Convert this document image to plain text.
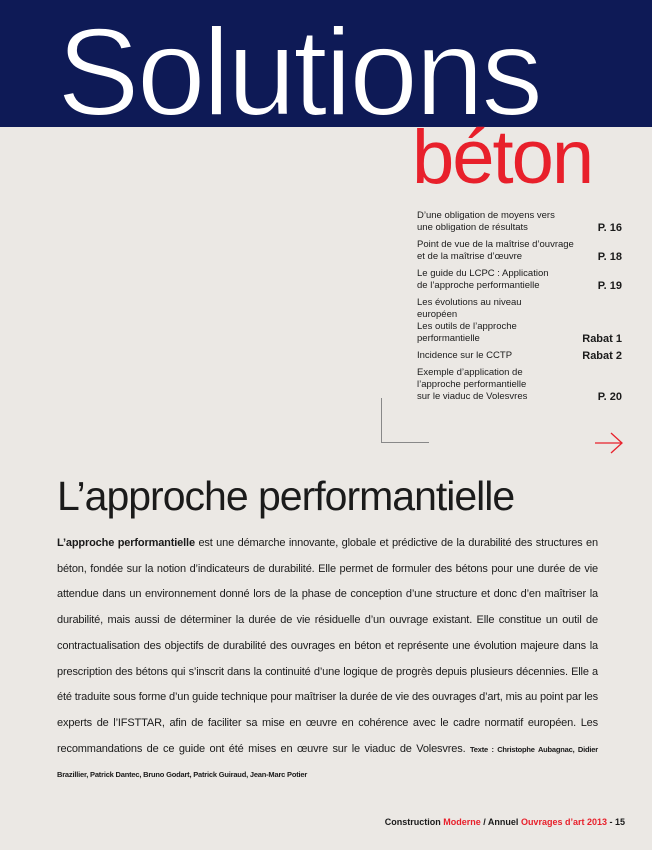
Solutions
béton
D’une obligation de moyens vers
une obligation de résultats	P. 16
Point de vue de la maîtrise d’ouvrage
et de la maîtrise d’œuvre	P. 18
Le guide du LCPC : Application
de l’approche performantielle	P. 19
Les évolutions au niveau
européen
Les outils de l’approche
performantielle	Rabat 1
Incidence sur le CCTP	Rabat 2
Exemple d’application de
l’approche performantielle
sur le viaduc de Volesvres	P. 20
L’approche performantielle
L’approche performantielle est une démarche innovante, globale et prédictive de la durabilité des structures en béton, fondée sur la notion d’indicateurs de durabilité. Elle permet de formuler des bétons pour une durée de vie attendue dans un environnement donné lors de la phase de conception d’une structure et donc d’en maîtriser la durabilité, mais aussi de déterminer la durée de vie résiduelle d’un ouvrage existant. Elle constitue un outil de contractualisation des objectifs de durabilité des ouvrages en béton et représente une évolution majeure dans la prescription des bétons qui s’inscrit dans la continuité d’une logique de progrès depuis plusieurs décennies. Elle a été traduite sous forme d’un guide technique pour maîtriser la durée de vie des ouvrages d’art, mis au point par les experts de l’IFSTTAR, afin de faciliter sa mise en œuvre en cohérence avec le cadre normatif européen. Les recommandations de ce guide ont été mises en œuvre sur le viaduc de Volesvres. Texte : Christophe Aubagnac, Didier Brazillier, Patrick Dantec, Bruno Godart, Patrick Guiraud, Jean-Marc Potier
Construction Moderne / Annuel Ouvrages d’art 2013 - 15
